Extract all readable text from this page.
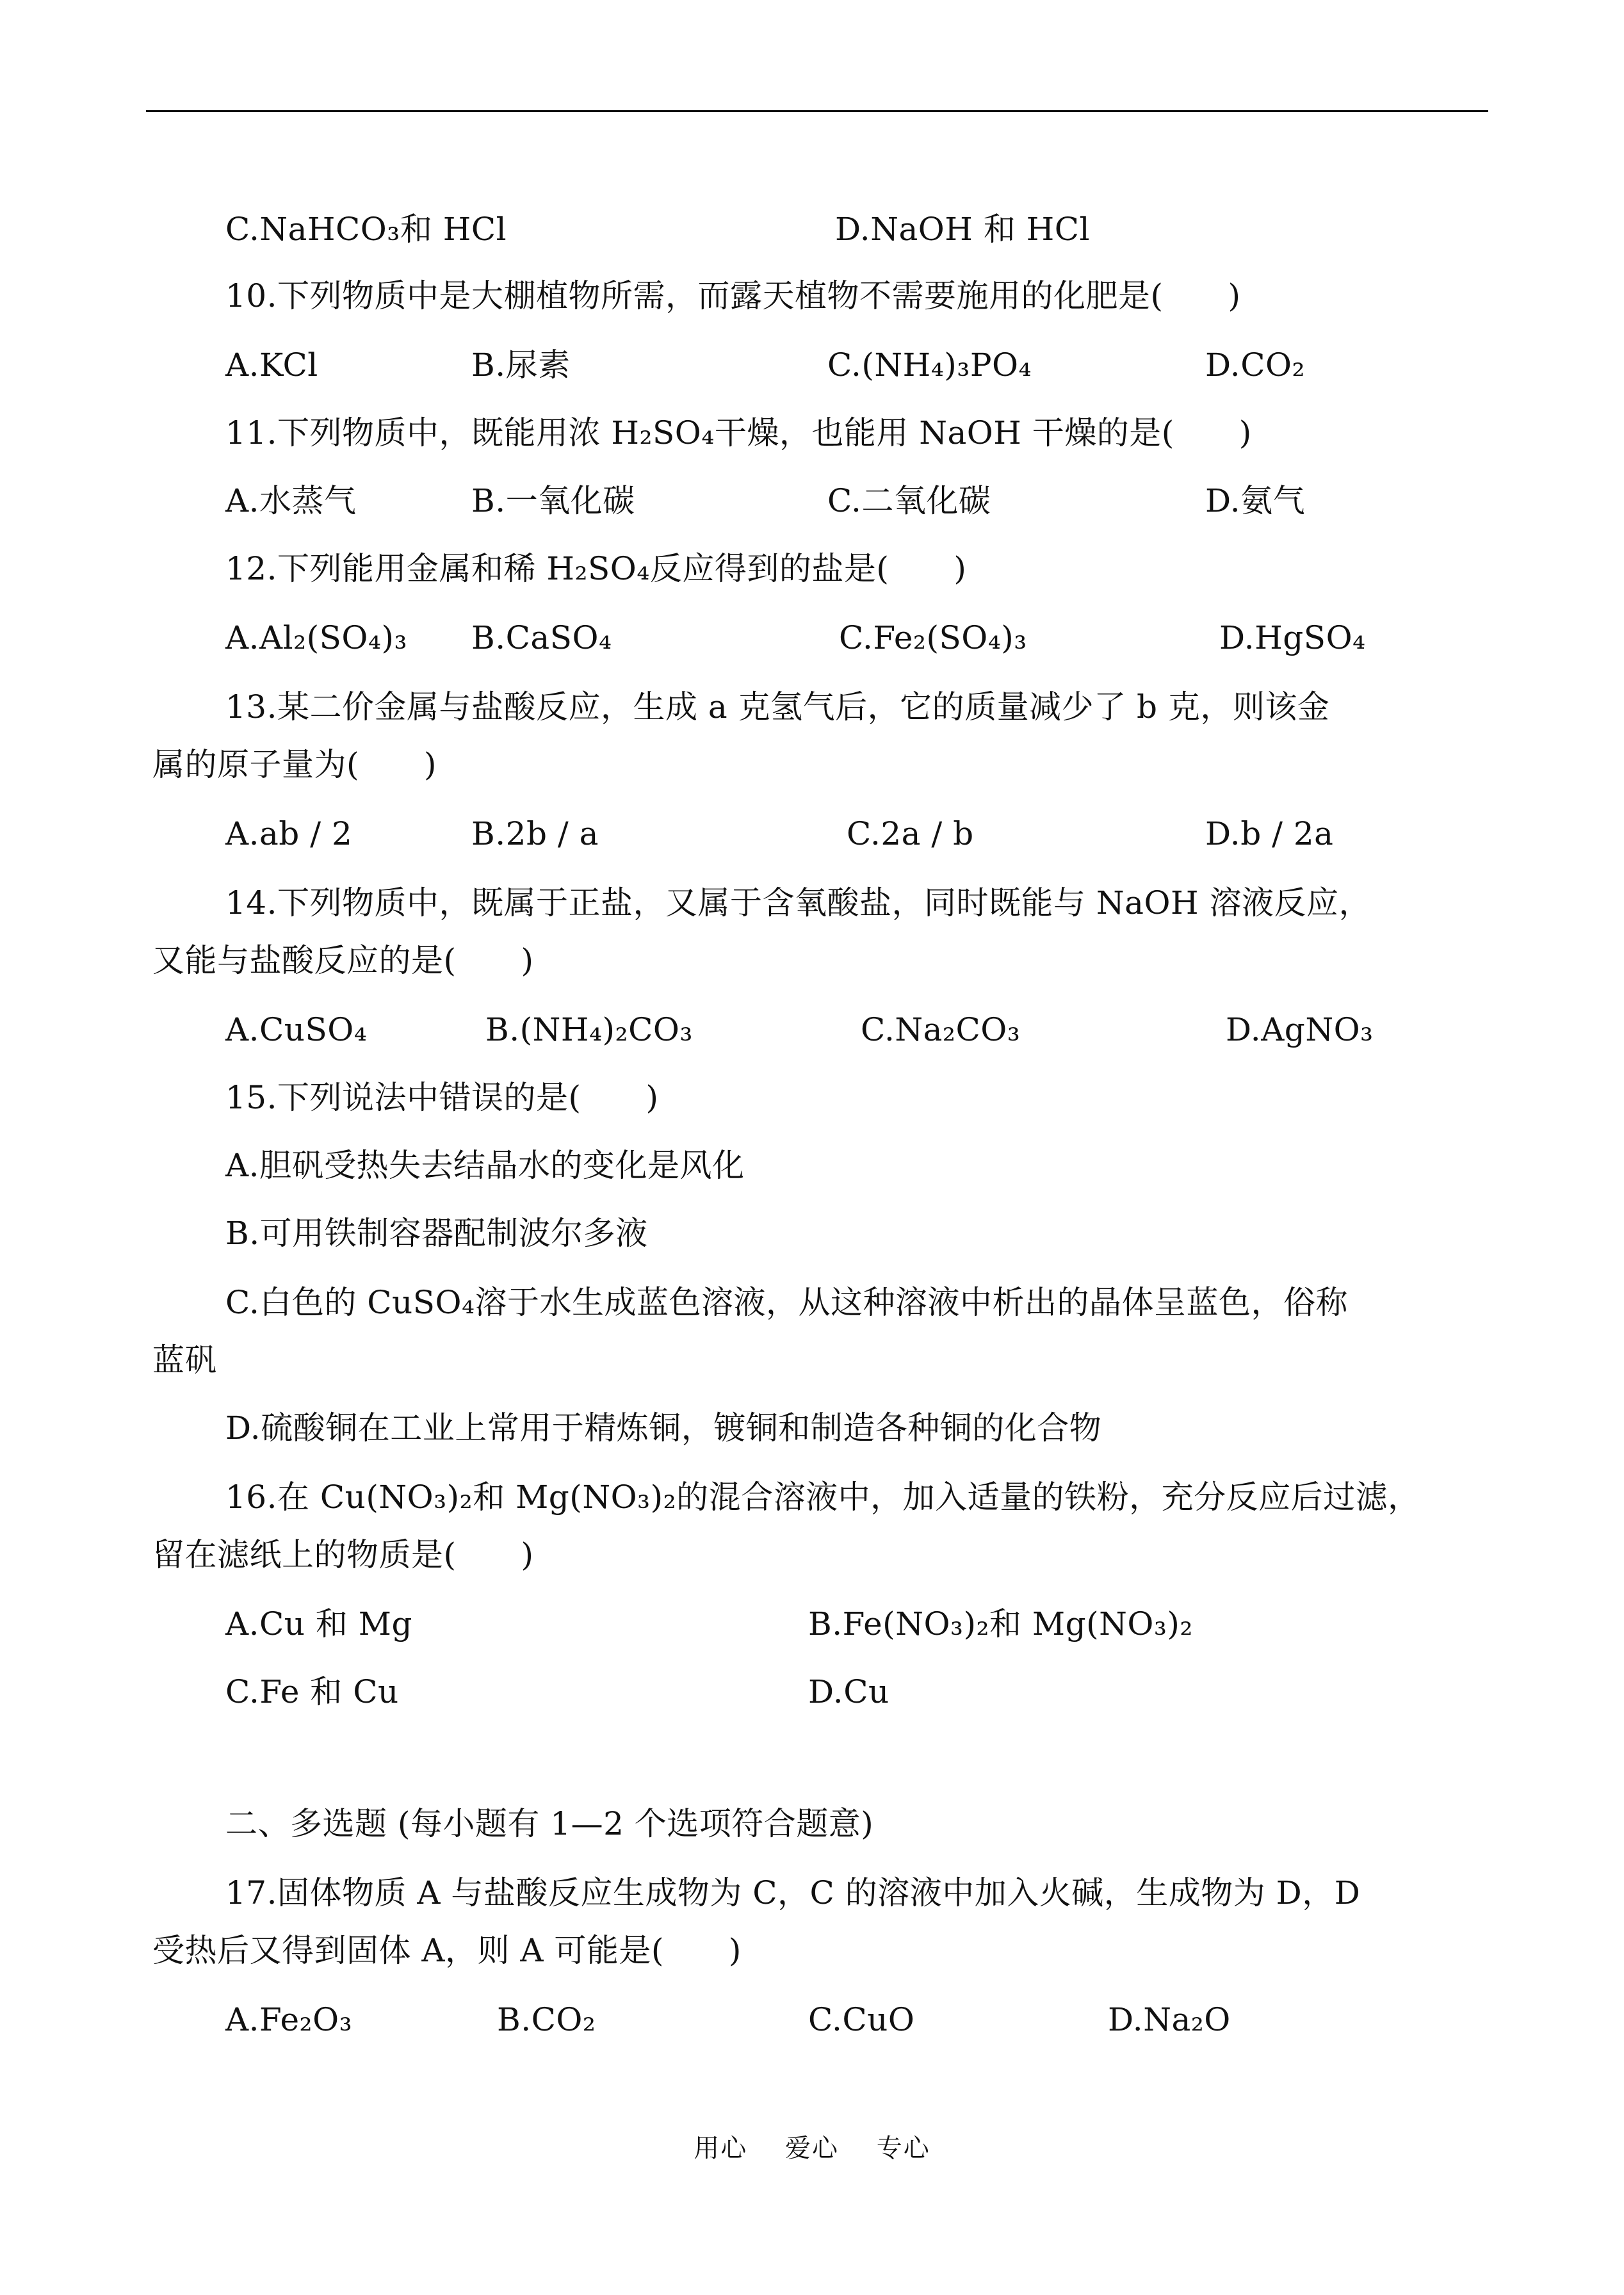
C.NaHCO₃和 HCl	D.NaOH 和 HCl
10.下列物质中是大棚植物所需，而露天植物不需要施用的化肥是(　　)
A.KCl	B.尿素	C.(NH₄)₃PO₄	D.CO₂
11.下列物质中，既能用浓 H₂SO₄干燥，也能用 NaOH 干燥的是(　　)
A.水蒸气	B.一氧化碳	C.二氧化碳	D.氨气
12.下列能用金属和稀 H₂SO₄反应得到的盐是(　　)
A.Al₂(SO₄)₃ B.CaSO₄	C.Fe₂(SO₄)₃	D.HgSO₄
13.某二价金属与盐酸反应，生成 a 克氢气后，它的质量减少了 b 克，则该金
属的原子量为(　　)
A.ab / 2	B.2b / a	C.2a / b	D.b / 2a
14.下列物质中，既属于正盐，又属于含氧酸盐，同时既能与 NaOH 溶液反应，
又能与盐酸反应的是(　　)
A.CuSO₄	B.(NH₄)₂CO₃	C.Na₂CO₃	D.AgNO₃
15.下列说法中错误的是(　　)
A.胆矾受热失去结晶水的变化是风化
B.可用铁制容器配制波尔多液
C.白色的 CuSO₄溶于水生成蓝色溶液，从这种溶液中析出的晶体呈蓝色，俗称
蓝矾
D.硫酸铜在工业上常用于精炼铜，镀铜和制造各种铜的化合物
16.在 Cu(NO₃)₂和 Mg(NO₃)₂的混合溶液中，加入适量的铁粉，充分反应后过滤，
留在滤纸上的物质是(　　)
A.Cu 和 Mg	B.Fe(NO₃)₂和 Mg(NO₃)₂
C.Fe 和 Cu	D.Cu
二、多选题 (每小题有 1—2 个选项符合题意)
17.固体物质 A 与盐酸反应生成物为 C，C 的溶液中加入火碱，生成物为 D，D
受热后又得到固体 A，则 A 可能是(　　)
A.Fe₂O₃	B.CO₂	C.CuO	D.Na₂O
用心 爱心 专心
